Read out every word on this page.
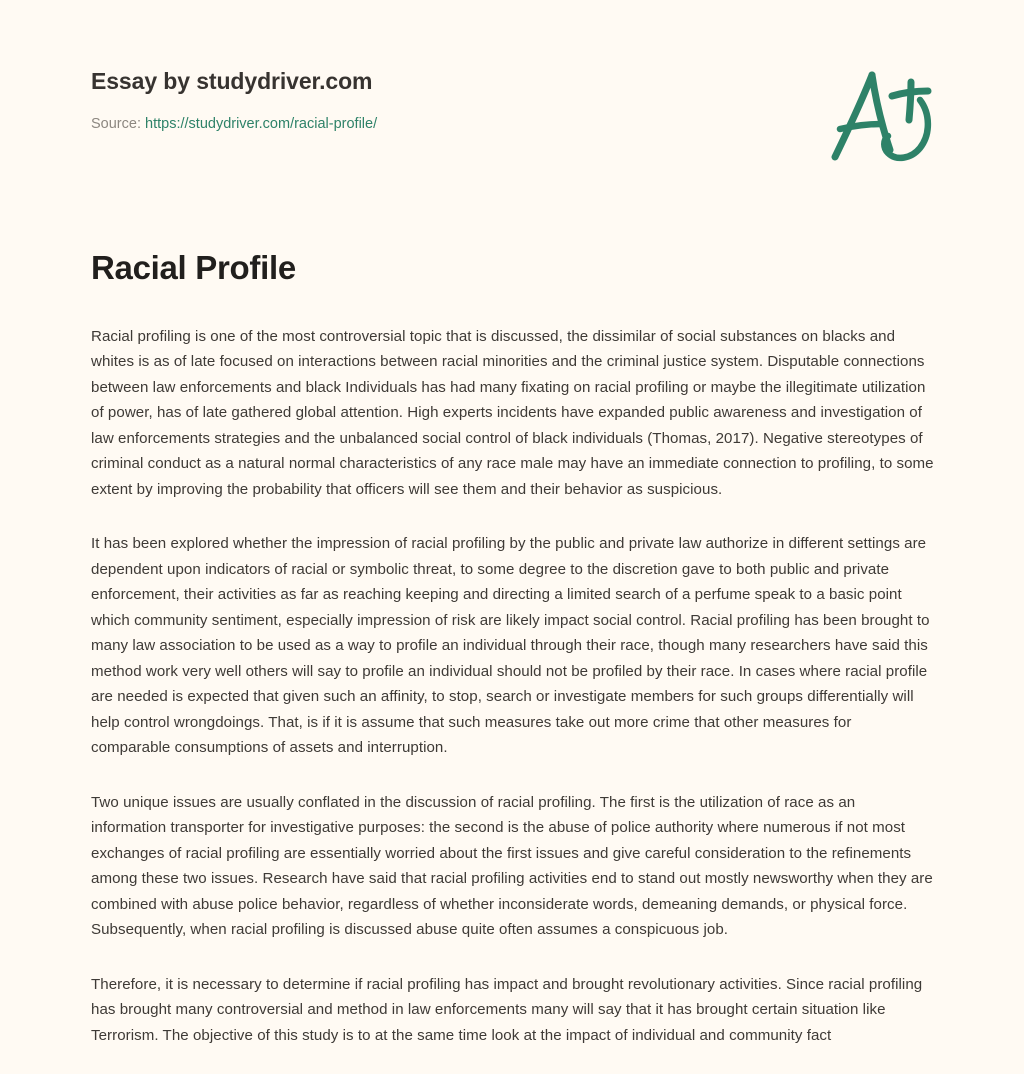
Essay by studydriver.com
Source: https://studydriver.com/racial-profile/
Racial Profile

Racial profiling is one of the most controversial topic that is discussed, the dissimilar of social substances on blacks and whites is as of late focused on interactions between racial minorities and the criminal justice system. Disputable connections between law enforcements and black Individuals has had many fixating on racial profiling or maybe the illegitimate utilization of power, has of late gathered global attention. High experts incidents have expanded public awareness and investigation of law enforcements strategies and the unbalanced social control of black individuals (Thomas, 2017). Negative stereotypes of criminal conduct as a natural normal characteristics of any race male may have an immediate connection to profiling, to some extent by improving the probability that officers will see them and their behavior as suspicious.

It has been explored whether the impression of racial profiling by the public and private law authorize in different settings are dependent upon indicators of racial or symbolic threat, to some degree to the discretion gave to both public and private enforcement, their activities as far as reaching keeping and directing a limited search of a perfume speak to a basic point which community sentiment, especially impression of risk are likely impact social control. Racial profiling has been brought to many law association to be used as a way to profile an individual through their race, though many researchers have said this method work very well others will say to profile an individual should not be profiled by their race. In cases where racial profile are needed is expected that given such an affinity, to stop, search or investigate members for such groups differentially will help control wrongdoings. That, is if it is assume that such measures take out more crime that other measures for comparable consumptions of assets and interruption.

Two unique issues are usually conflated in the discussion of racial profiling. The first is the utilization of race as an information transporter for investigative purposes: the second is the abuse of police authority where numerous if not most exchanges of racial profiling are essentially worried about the first issues and give careful consideration to the refinements among these two issues. Research have said that racial profiling activities end to stand out mostly newsworthy when they are combined with abuse police behavior, regardless of whether inconsiderate words, demeaning demands, or physical force. Subsequently, when racial profiling is discussed abuse quite often assumes a conspicuous job.

Therefore, it is necessary to determine if racial profiling has impact and brought revolutionary activities. Since racial profiling has brought many controversial and method in law enforcements many will say that it has brought certain situation like Terrorism. The objective of this study is to at the same time look at the impact of individual and community fact
